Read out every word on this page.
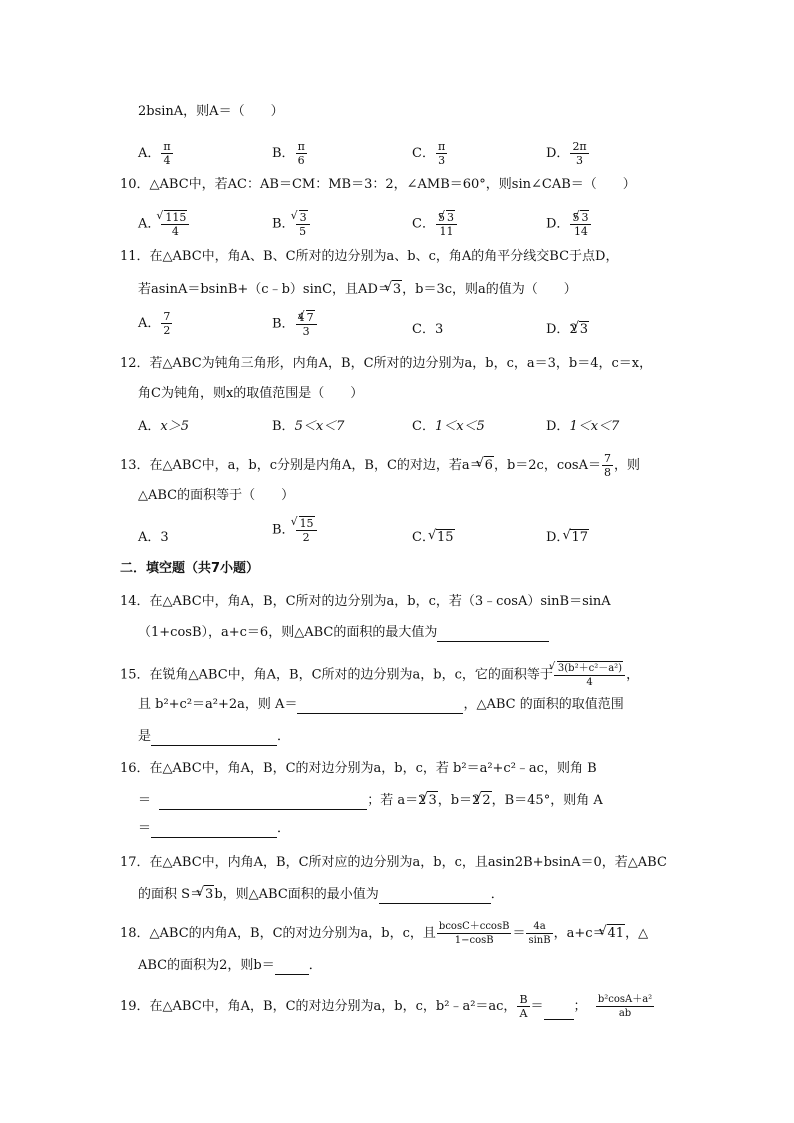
2bsinA，则A＝（　　）
A． $\frac{\pi}{4}$	B． $\frac{\pi}{6}$	C． $\frac{\pi}{3}$	D． $\frac{2\pi}{3}$
10．△ABC中，若AC：AB＝CM：MB＝3：2，∠AMB＝60°，则sin∠CAB＝（　　）
A． √ $\frac{115}{4}$	B． √ $\frac{3}{5}$	C． $\frac{5 √ 3}{11}$	D． $\frac{5 √ 3}{14}$
11．在△ABC中，角A、B、C所对的边分别为a、b、c，角A的角平分线交BC于点D，
若asinA＝bsinB+（c﹣b）sinC，且AD＝ √ 3，b＝3c，则a的值为（　　）
A． $\frac{7}{2}$	B． $\frac{4 √ 7}{3}$	C．3	D．2 √ 3
12．若△ABC为钝角三角形，内角A，B，C所对的边分别为a，b，c，a＝3，b＝4，c＝x，
角C为钝角，则x的取值范围是（　　）
A．x＞5	B．5＜x＜7	C．1＜x＜5	D．1＜x＜7
13．在△ABC中，a，b，c分别是内角A，B，C的对边，若a＝ √ 6，b＝2c，$\cos A= \frac{7}{8}$ ，则
△ABC的面积等于（　　）
A．3	B． √ $\frac{15}{2}$	C． √ 15	D． √ 17
二．填空题（共7小题）
14．在△ABC中，角A，B，C所对的边分别为a，b，c，若（3﹣cosA）sinB＝sinA
（1+cosB），a+c＝6，则△ABC的面积的最大值为
15．在锐角△ABC中，角A，B，C所对的边分别为a，b，c，它的面积等于 √ $\frac{\text{3(b²＋c²－a²)}}{4}$ ，
且 b²+c²＝a²+2a，则 A＝	，△ABC 的面积的取值范围
是	．
16．在△ABC中，角A，B，C的对边分别为a，b，c，若 b²＝a²+c²﹣ac，则角 B
＝	；若 a＝2 √ 3，b＝2 √ 2，B＝45°，则角 A
＝	．
17．在△ABC中，内角A，B，C所对应的边分别为a，b，c，且asin2B+bsinA＝0，若△ABC
的面积 S＝ √ 3b，则△ABC面积的最小值为	．
18．△ABC的内角A，B，C的对边分别为a，b，c，且 $\frac{bcosC+ccosB}{1-\cos B} = \frac{4a}{\sin B}$ ，a+c＝ √ 41，△
ABC的面积为2，则b＝	．
19．在△ABC中，角A，B，C的对边分别为a，b，c，b²﹣a²＝ac， $\frac{B}{A}$ ＝ ； $\frac{\text{b²cosA＋a²}}{ab}$
